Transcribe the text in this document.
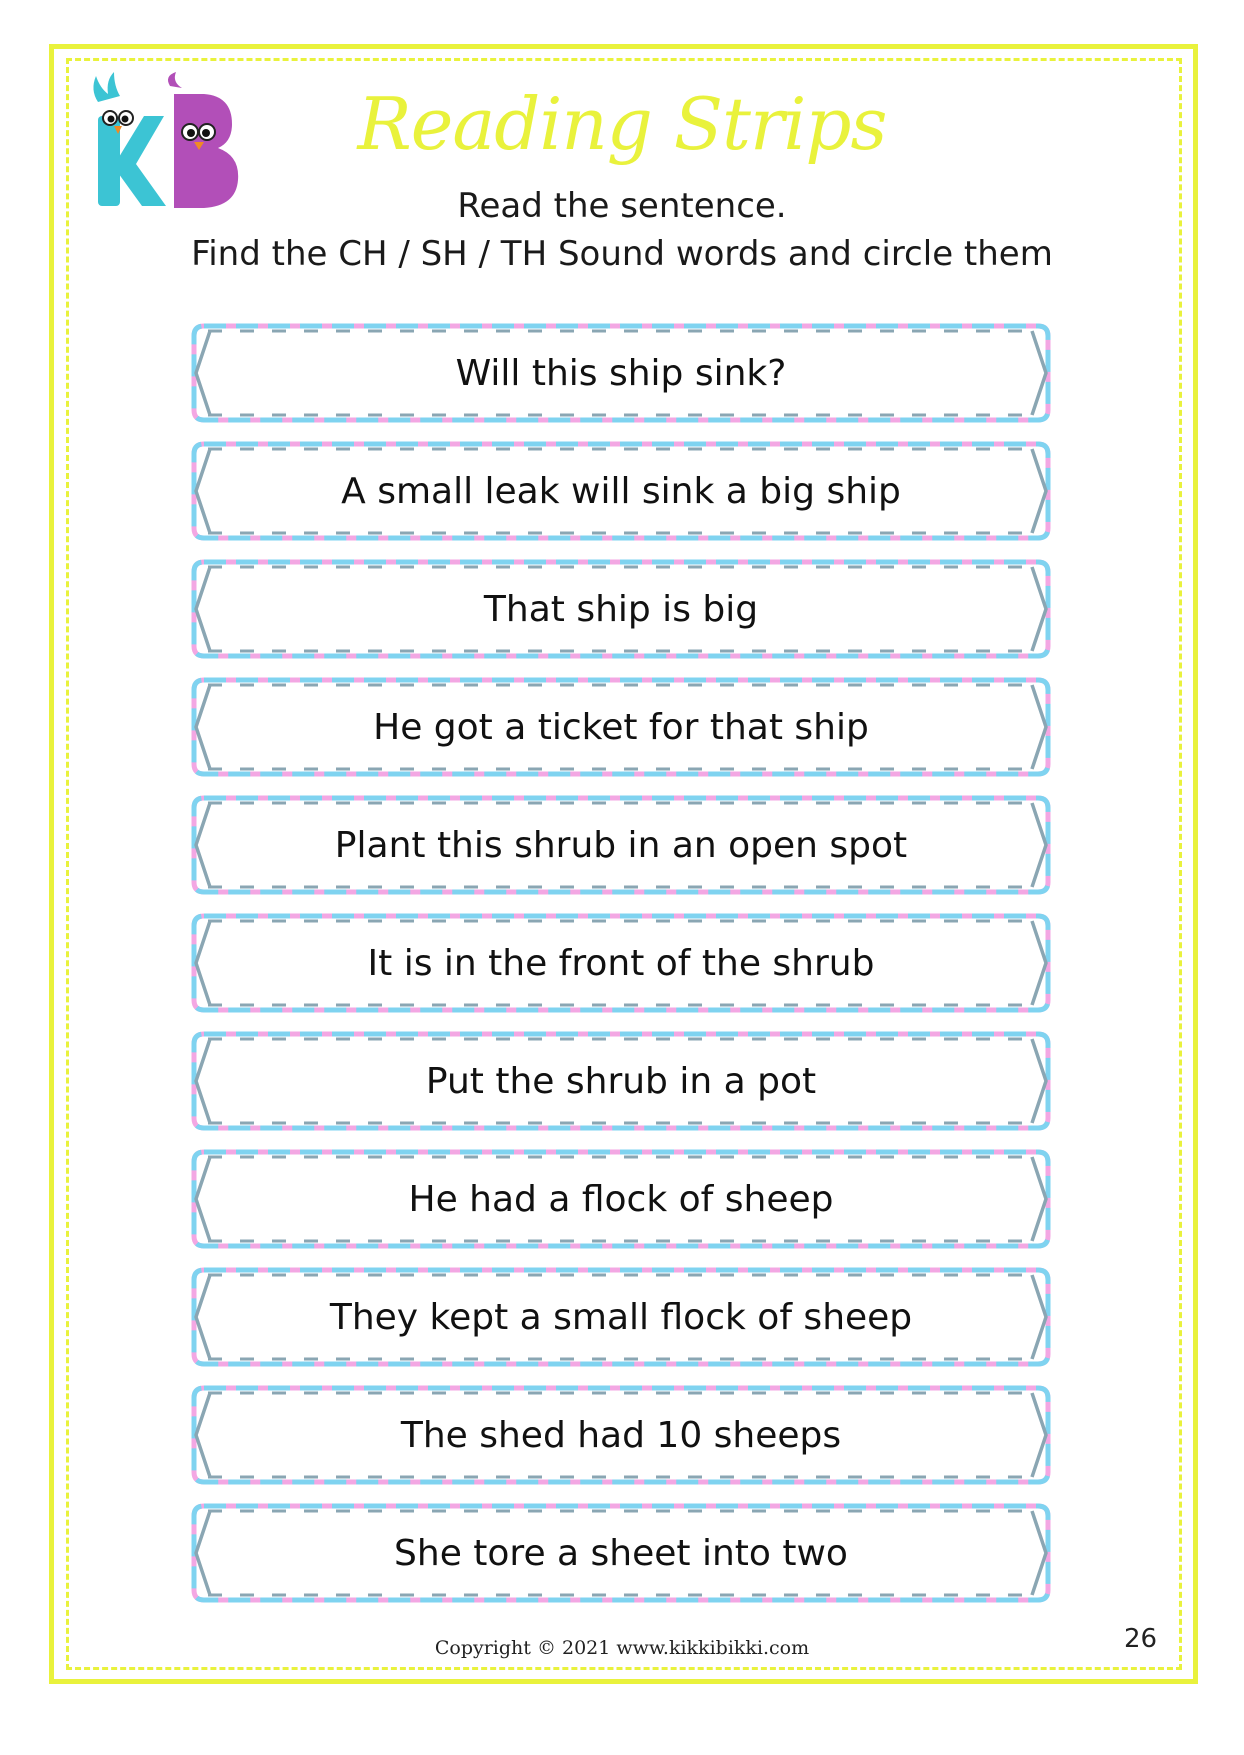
Reading Strips
Read the sentence.
Find the CH / SH / TH Sound words and circle them
Will this ship sink?
A small leak will sink a big ship
That ship is big
He got a ticket for that ship
Plant this shrub in an open spot
It is in the front of the shrub
Put the shrub in a pot
He had a flock of sheep
They kept a small flock of sheep
The shed had 10 sheeps
She tore a sheet into two
Copyright © 2021 www.kikkibikki.com	26
